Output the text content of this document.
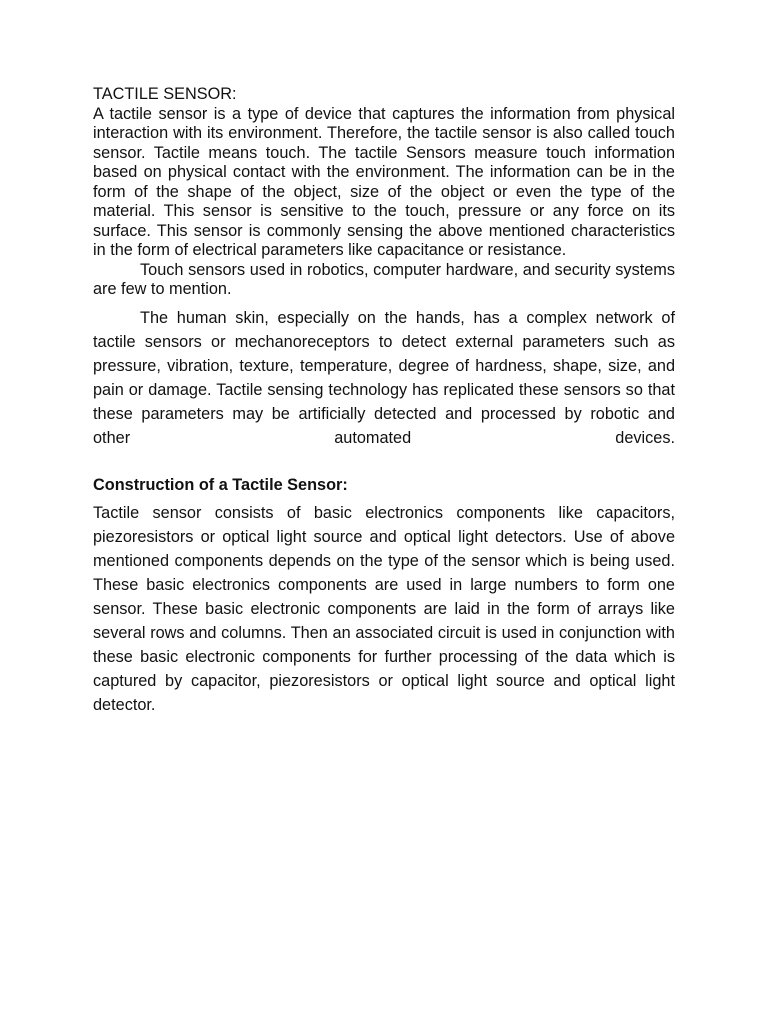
TACTILE SENSOR:

A tactile sensor is a type of device that captures the information from physical interaction with its environment. Therefore, the tactile sensor is also called touch sensor. Tactile means touch. The tactile Sensors measure touch information based on physical contact with the environment. The information can be in the form of the shape of the object, size of the object or even the type of the material. This sensor is sensitive to the touch, pressure or any force on its surface. This sensor is commonly sensing the above mentioned characteristics in the form of electrical parameters like capacitance or resistance.

Touch sensors used in robotics, computer hardware, and security systems are few to mention.

The human skin, especially on the hands, has a complex network of tactile sensors or mechanoreceptors to detect external parameters such as pressure, vibration, texture, temperature, degree of hardness, shape, size, and pain or damage. Tactile sensing technology has replicated these sensors so that these parameters may be artificially detected and processed by robotic and other automated devices.

Construction of a Tactile Sensor:

Tactile sensor consists of basic electronics components like capacitors, piezoresistors or optical light source and optical light detectors. Use of above mentioned components depends on the type of the sensor which is being used. These basic electronics components are used in large numbers to form one sensor. These basic electronic components are laid in the form of arrays like several rows and columns. Then an associated circuit is used in conjunction with these basic electronic components for further processing of the data which is captured by capacitor, piezoresistors or optical light source and optical light detector.
